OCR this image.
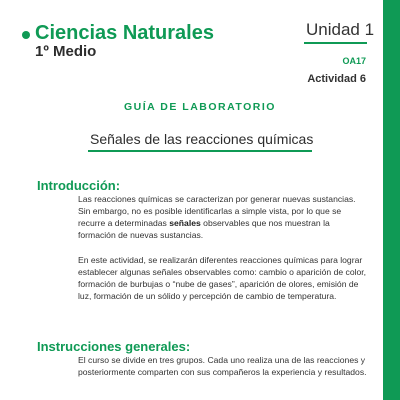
Ciencias Naturales
1º Medio
Unidad 1
OA17
Actividad 6
GUÍA DE LABORATORIO
Señales de las reacciones químicas
Introducción:

Las reacciones químicas se caracterizan por generar nuevas sustancias. Sin embargo, no es posible identificarlas a simple vista, por lo que se recurre a determinadas señales observables que nos muestran la formación de nuevas sustancias.

En este actividad, se realizarán diferentes reacciones químicas para lograr establecer algunas señales observables como: cambio o aparición de color, formación de burbujas o “nube de gases”, aparición de olores, emisión de luz, formación de un sólido y percepción de cambio de temperatura.

Instrucciones generales:

El curso se divide en tres grupos. Cada uno realiza una de las reacciones y posteriormente comparten con sus compañeros la experiencia y resultados.
